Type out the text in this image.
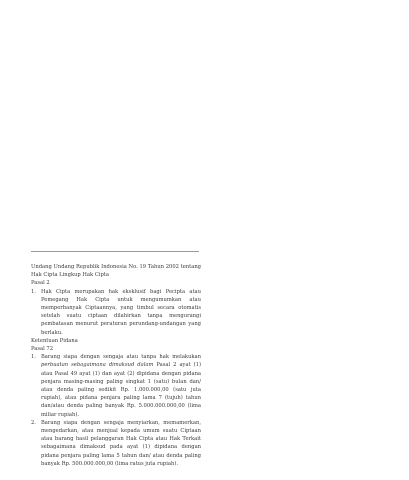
Undang Undang Republik Indonesia No. 19 Tahun 2002 tentang Hak Cipta Lingkup Hak Cipta
Pasal 2
1. Hak Cipta merupakan hak eksklusif bagi Pecipta atau Pemegang Hak Cipta untuk mengumumkan atau memperbanyak Ciptaannya, yang timbul secara otomatis setelah suatu ciptaan dilahirkan tanpa mengurangi pembatasan menurut peraturan perundang-undangan yang berlaku.
Ketentuan Pidana
Pasal 72
1. Barang siapa dengan sengaja atau tanpa hak melakukan perbuatan sebagaimana dimaksud dalam Pasal 2 ayat (1) atau Pasal 49 ayat (1) dan ayat (2) dipidana dengan pidana penjara masing-masing paling singkat 1 (satu) bulan dan/ atau denda paling sedikit Rp. 1.000.000,00 (satu juta rupiah), atau pidana penjara paling lama 7 (tujuh) tahun dan/atau denda paling banyak Rp. 5.000.000.000,00 (lima miliar rupiah).
2. Barang siapa dengan sengaja menyiarkan, memamerkan, mengedarkan, atau menjual kepada umum suatu Ciptaan atau barang hasil pelanggaran Hak Cipta atau Hak Terkait sebagaimana dimaksud pada ayat (1) dipidana dengan pidana penjara paling lama 5 tahun dan/ atau denda paling banyak Rp. 500.000.000,00 (lima ratus juta rupiah).
